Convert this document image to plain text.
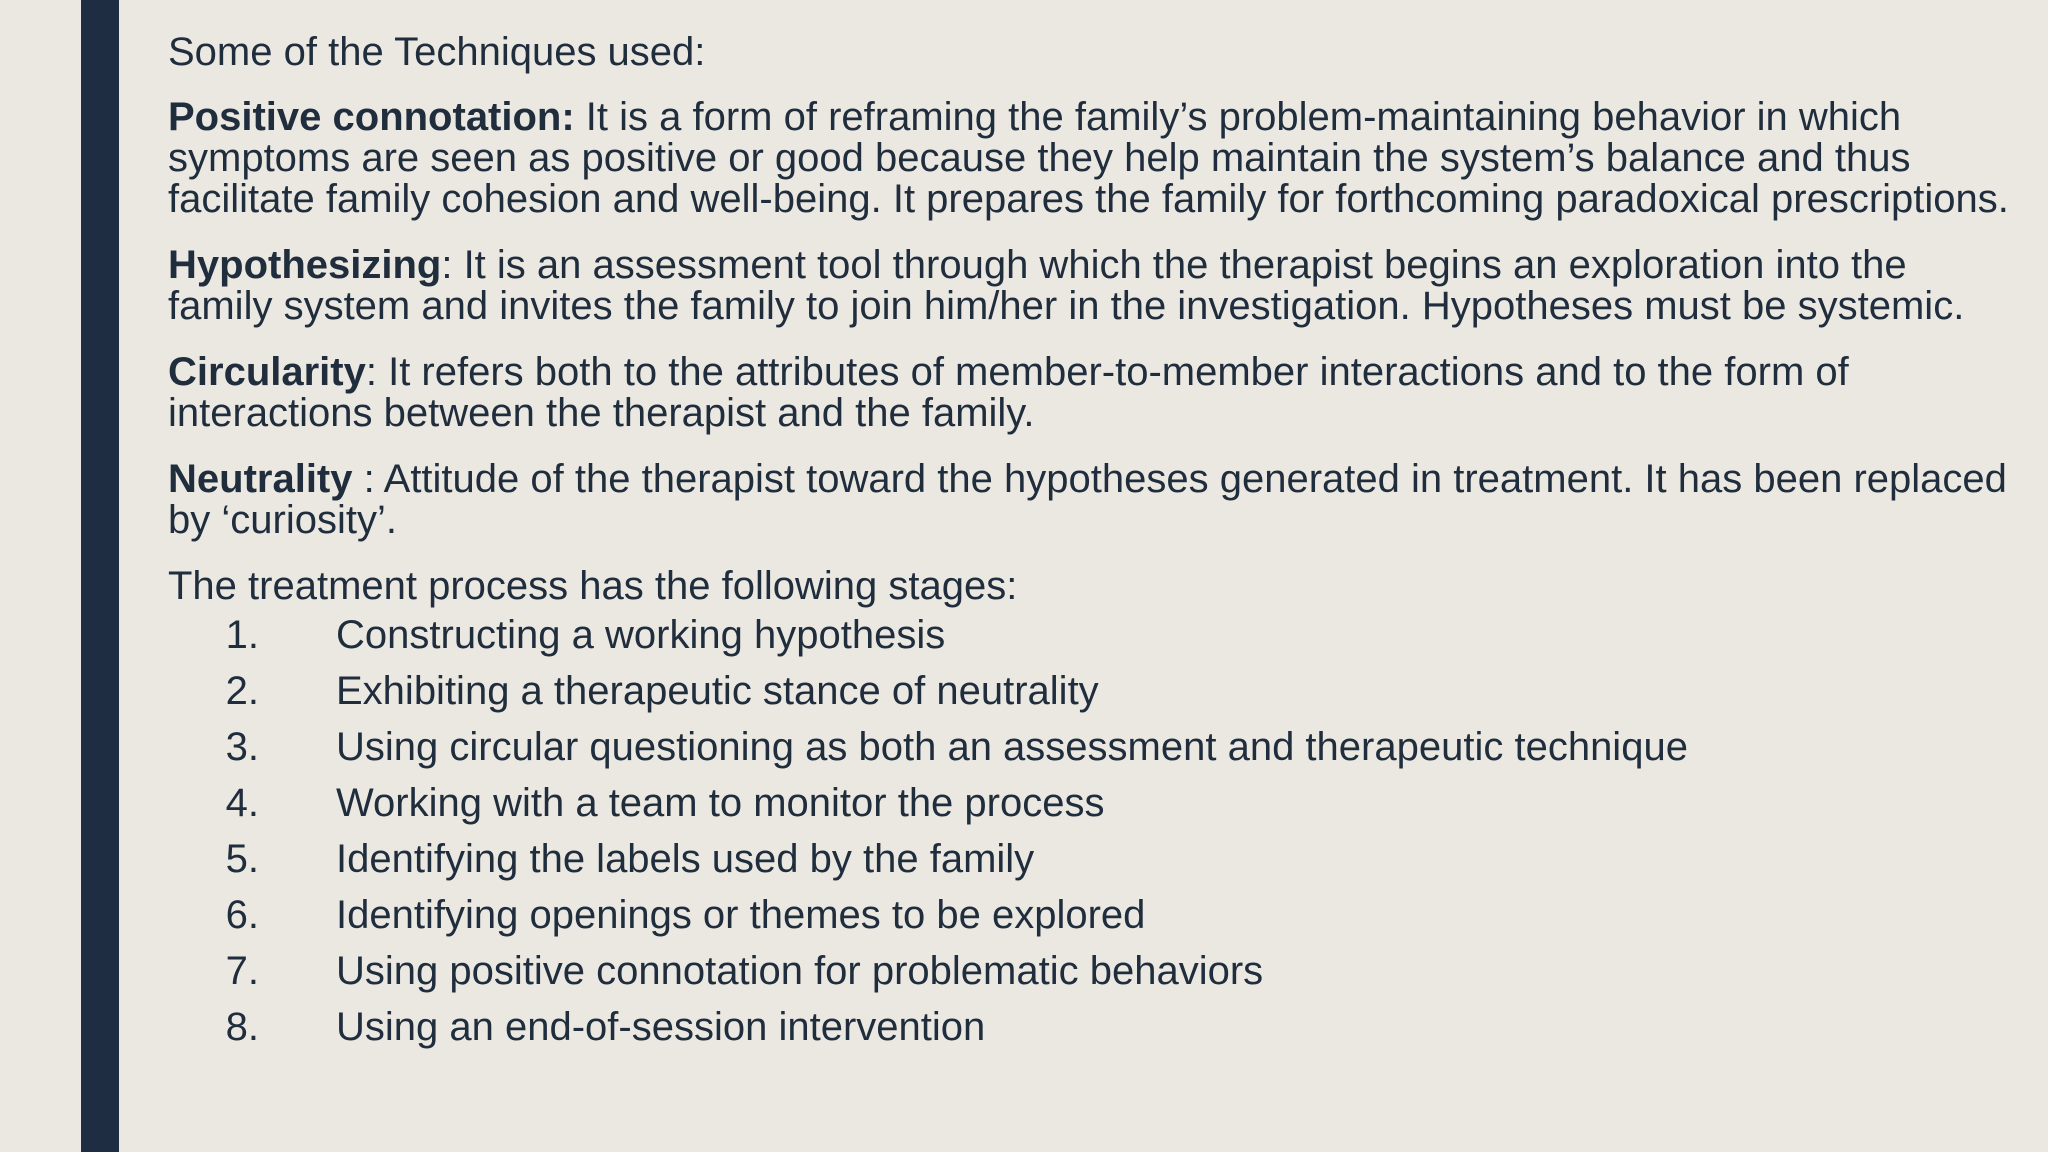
Some of the Techniques used:

Positive connotation: It is a form of reframing the family’s problem-maintaining behavior in which symptoms are seen as positive or good because they help maintain the system’s balance and thus facilitate family cohesion and well-being. It prepares the family for forthcoming paradoxical prescriptions.

Hypothesizing: It is an assessment tool through which the therapist begins an exploration into the family system and invites the family to join him/her in the investigation. Hypotheses must be systemic.

Circularity: It refers both to the attributes of member-to-member interactions and to the form of interactions between the therapist and the family.

Neutrality : Attitude of the therapist toward the hypotheses generated in treatment. It has been replaced by ‘curiosity’.

The treatment process has the following stages:

1.	Constructing a working hypothesis
2.	Exhibiting a therapeutic stance of neutrality
3.	Using circular questioning as both an assessment and therapeutic technique
4.	Working with a team to monitor the process
5.	Identifying the labels used by the family
6.	Identifying openings or themes to be explored
7.	Using positive connotation for problematic behaviors
8.	Using an end-of-session intervention
